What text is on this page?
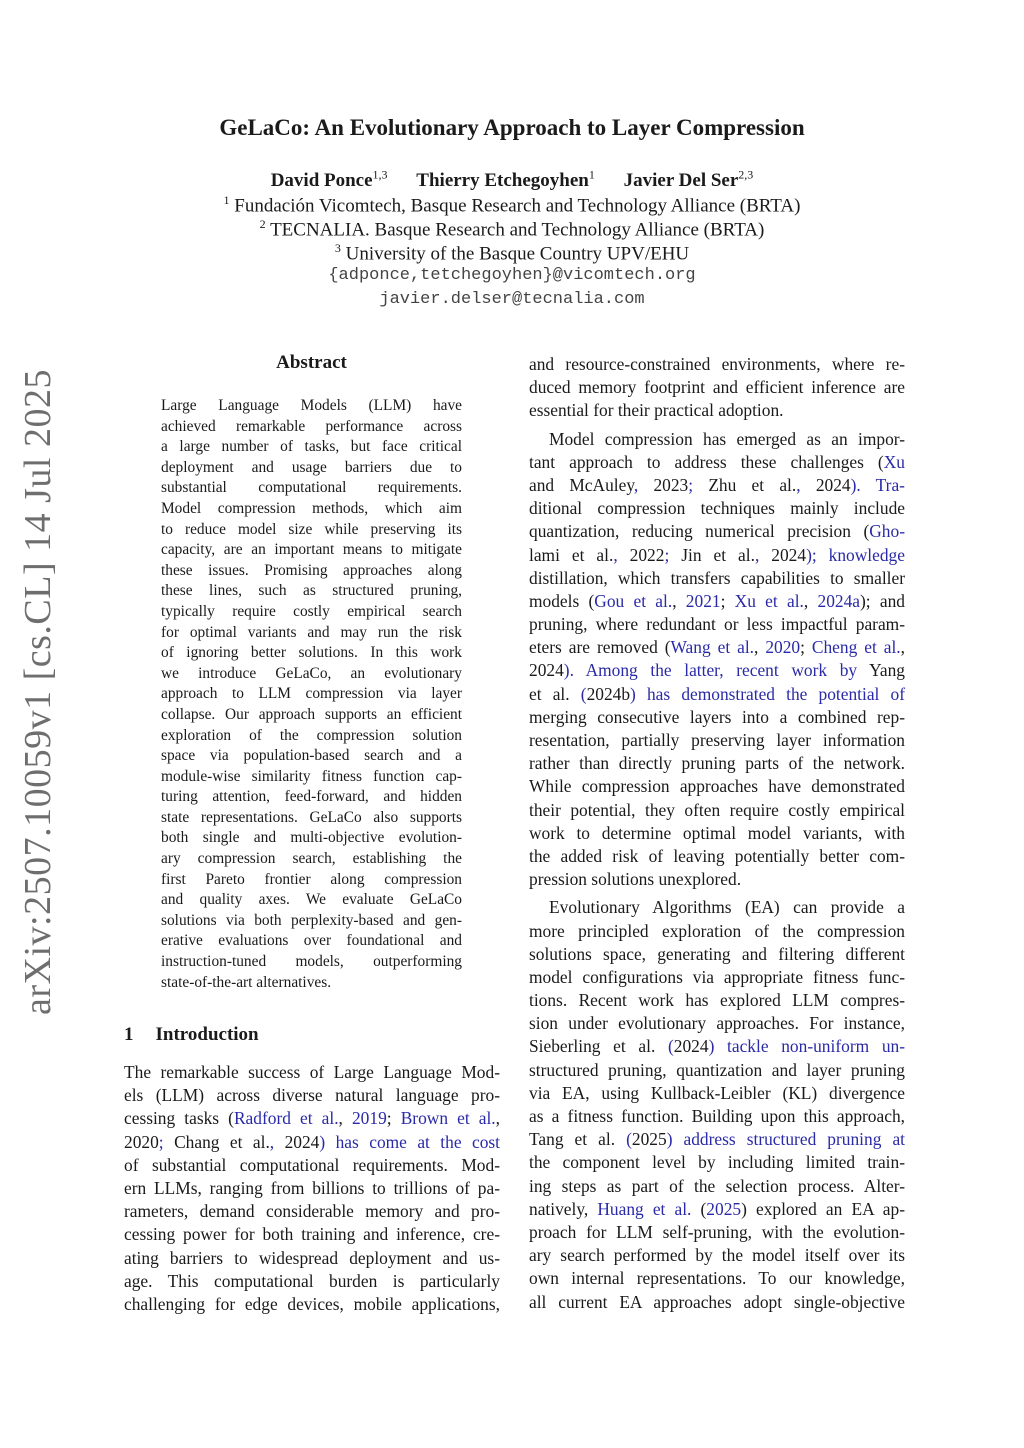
arXiv:2507.10059v1 [cs.CL] 14 Jul 2025
GeLaCo: An Evolutionary Approach to Layer Compression
David Ponce$^{1,3}$ Thierry Etchegoyhen$^1$ Javier Del Ser$^{2,3}$
$^1$ Fundación Vicomtech, Basque Research and Technology Alliance (BRTA)
$^2$ TECNALIA. Basque Research and Technology Alliance (BRTA)
$^3$ University of the Basque Country UPV/EHU
{adponce,tetchegoyhen}@vicomtech.org
javier.delser@tecnalia.com
Abstract
Large Language Models (LLM) have
achieved remarkable performance across
a large number of tasks, but face critical
deployment and usage barriers due to
substantial computational requirements.
Model compression methods, which aim
to reduce model size while preserving its
capacity, are an important means to mitigate
these issues. Promising approaches along
these lines, such as structured pruning,
typically require costly empirical search
for optimal variants and may run the risk
of ignoring better solutions. In this work
we introduce GeLaCo, an evolutionary
approach to LLM compression via layer
collapse. Our approach supports an efficient
exploration of the compression solution
space via population-based search and a
module-wise similarity fitness function cap-
turing attention, feed-forward, and hidden
state representations. GeLaCo also supports
both single and multi-objective evolution-
ary compression search, establishing the
first Pareto frontier along compression
and quality axes. We evaluate GeLaCo
solutions via both perplexity-based and gen-
erative evaluations over foundational and
instruction-tuned models, outperforming
state-of-the-art alternatives.
1 Introduction
The remarkable success of Large Language Mod-
els (LLM) across diverse natural language pro-
cessing tasks (Radford et al., 2019; Brown et al.,
2020; Chang et al., 2024) has come at the cost
of substantial computational requirements. Mod-
ern LLMs, ranging from billions to trillions of pa-
rameters, demand considerable memory and pro-
cessing power for both training and inference, cre-
ating barriers to widespread deployment and us-
age. This computational burden is particularly
challenging for edge devices, mobile applications,
and resource-constrained environments, where re-
duced memory footprint and efficient inference are
essential for their practical adoption.
Model compression has emerged as an impor-
tant approach to address these challenges (Xu
and McAuley, 2023; Zhu et al., 2024). Tra-
ditional compression techniques mainly include
quantization, reducing numerical precision (Gho-
lami et al., 2022; Jin et al., 2024); knowledge
distillation, which transfers capabilities to smaller
models (Gou et al., 2021; Xu et al., 2024a); and
pruning, where redundant or less impactful param-
eters are removed (Wang et al., 2020; Cheng et al.,
2024). Among the latter, recent work by Yang
et al. (2024b) has demonstrated the potential of
merging consecutive layers into a combined rep-
resentation, partially preserving layer information
rather than directly pruning parts of the network.
While compression approaches have demonstrated
their potential, they often require costly empirical
work to determine optimal model variants, with
the added risk of leaving potentially better com-
pression solutions unexplored.
Evolutionary Algorithms (EA) can provide a
more principled exploration of the compression
solutions space, generating and filtering different
model configurations via appropriate fitness func-
tions. Recent work has explored LLM compres-
sion under evolutionary approaches. For instance,
Sieberling et al. (2024) tackle non-uniform un-
structured pruning, quantization and layer pruning
via EA, using Kullback-Leibler (KL) divergence
as a fitness function. Building upon this approach,
Tang et al. (2025) address structured pruning at
the component level by including limited train-
ing steps as part of the selection process. Alter-
natively, Huang et al. (2025) explored an EA ap-
proach for LLM self-pruning, with the evolution-
ary search performed by the model itself over its
own internal representations. To our knowledge,
all current EA approaches adopt single-objective
